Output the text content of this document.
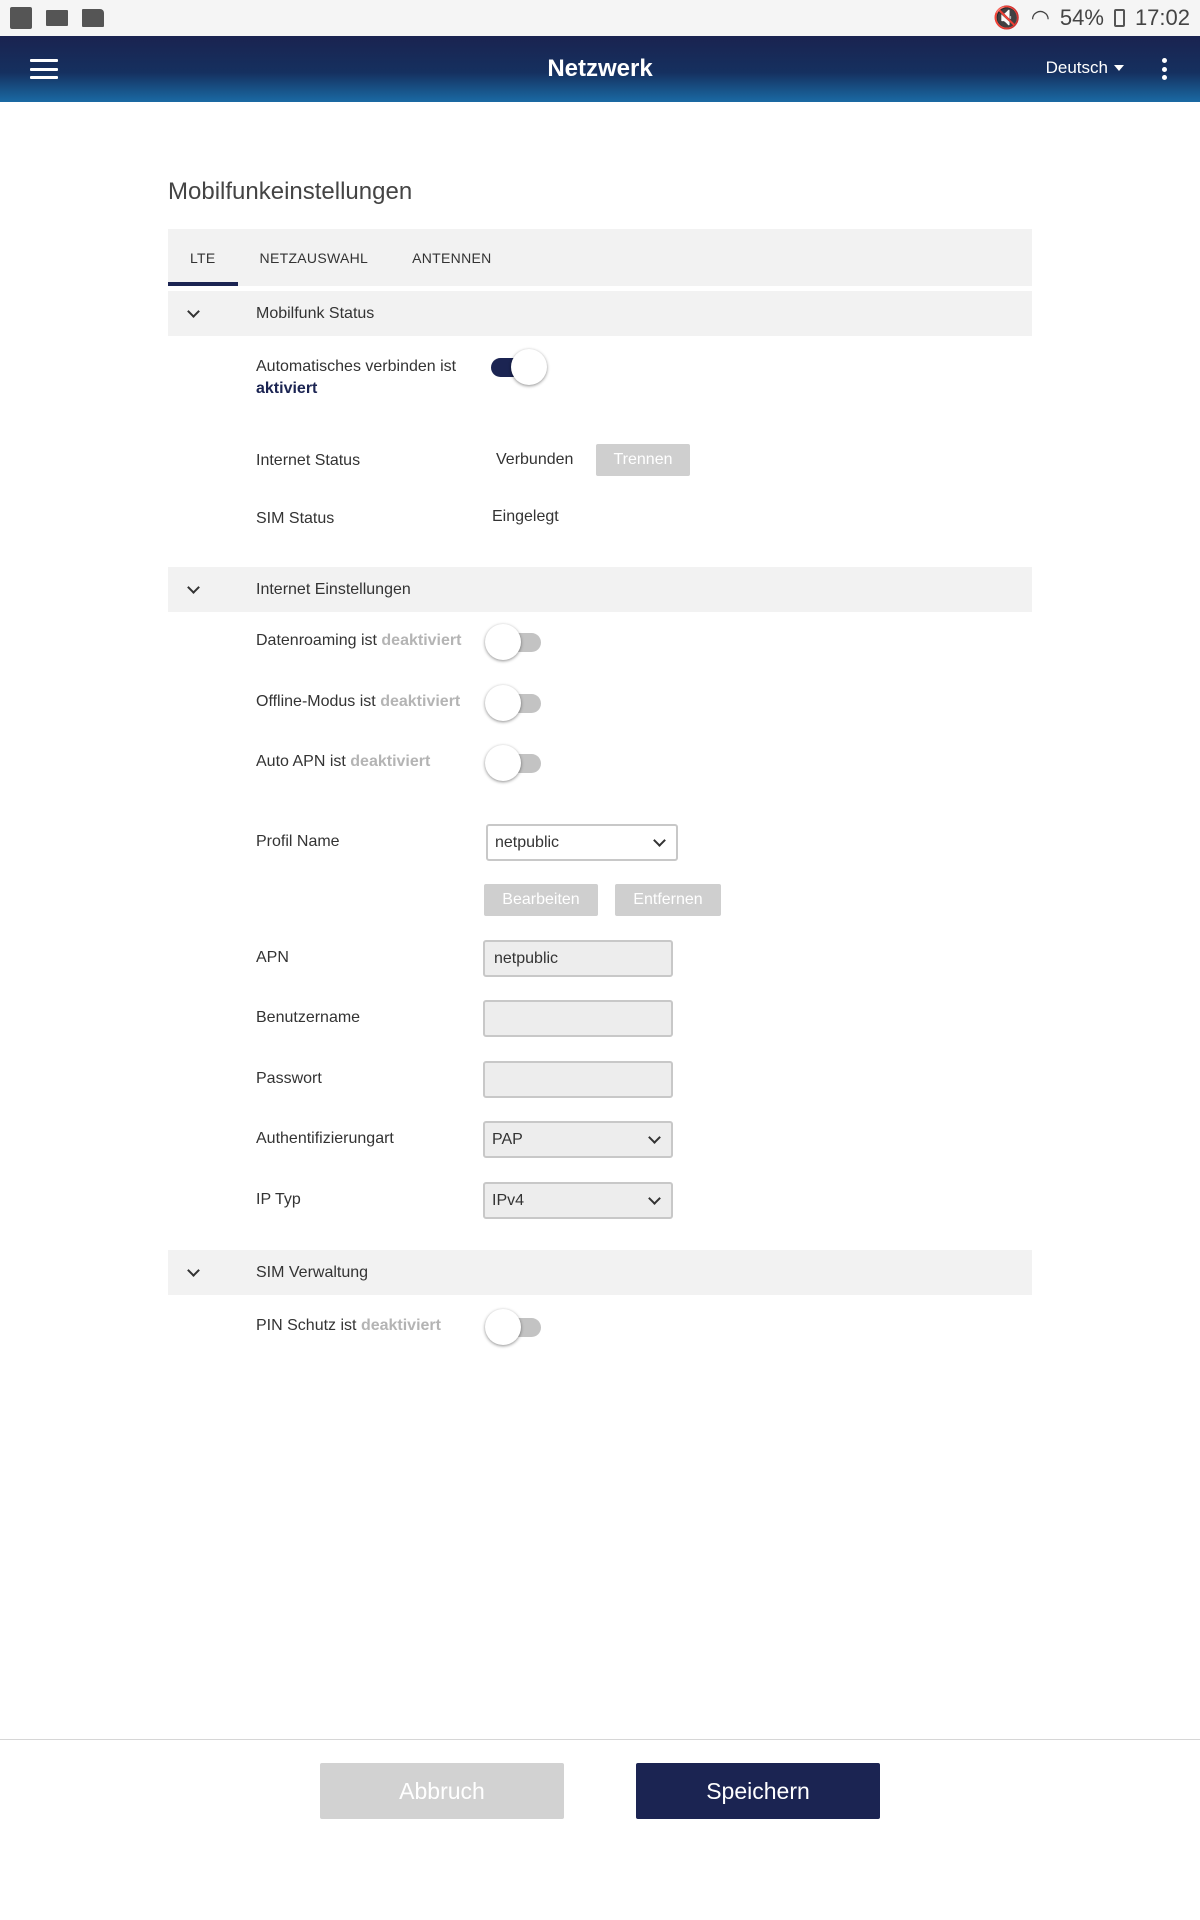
🔇 ◠ 54% 17:02
Netzwerk	Deutsch
Mobilfunkeinstellungen
LTE	NETZAUSWAHL	ANTENNEN
Mobilfunk Status
Automatisches verbinden ist
aktiviert
Internet Status	Verbunden	Trennen
SIM Status	Eingelegt
Internet Einstellungen
Datenroaming ist deaktiviert
Offline-Modus ist deaktiviert
Auto APN ist deaktiviert
Profil Name	netpublic
Bearbeiten	Entfernen
APN	netpublic
Benutzername
Passwort
Authentifizierungart	PAP
IP Typ	IPv4
SIM Verwaltung
PIN Schutz ist deaktiviert
Abbruch	Speichern
